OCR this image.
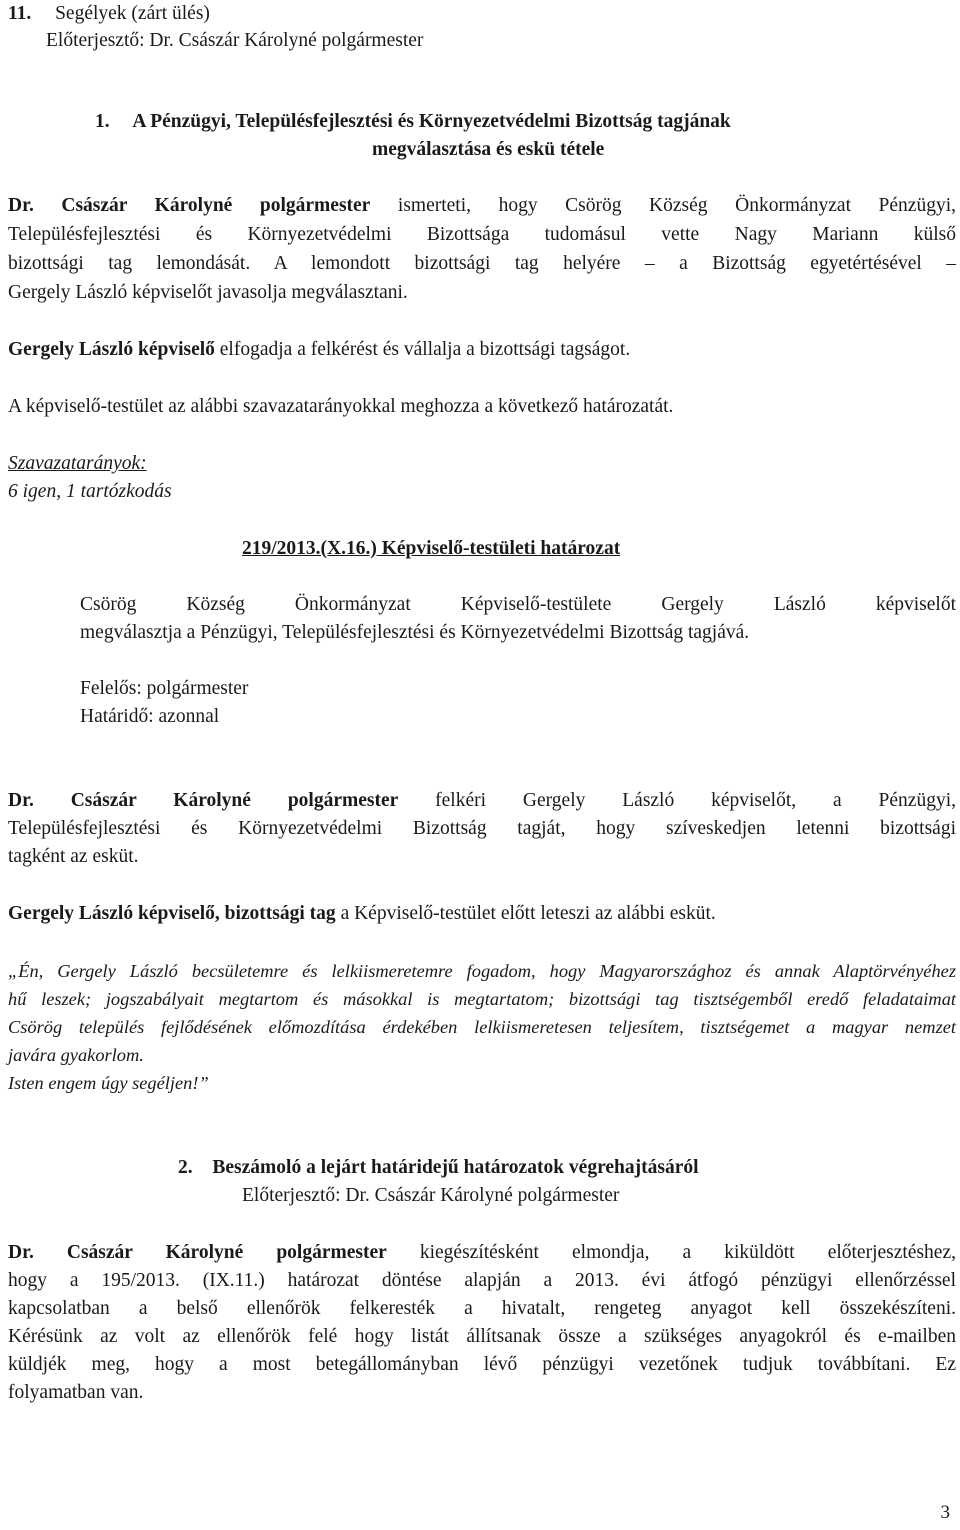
11. Segélyek (zárt ülés)
Előterjesztő: Dr. Császár Károlyné polgármester
1. A Pénzügyi, Településfejlesztési és Környezetvédelmi Bizottság tagjának
megválasztása és eskü tétele
Dr. Császár Károlyné polgármester ismerteti, hogy Csörög Község Önkormányzat Pénzügyi,
Településfejlesztési és Környezetvédelmi Bizottsága tudomásul vette Nagy Mariann külső
bizottsági tag lemondását. A lemondott bizottsági tag helyére – a Bizottság egyetértésével –
Gergely László képviselőt javasolja megválasztani.
Gergely László képviselő elfogadja a felkérést és vállalja a bizottsági tagságot.
A képviselő-testület az alábbi szavazatarányokkal meghozza a következő határozatát.
Szavazatarányok:
6 igen, 1 tartózkodás
219/2013.(X.16.) Képviselő-testületi határozat
Csörög Község Önkormányzat Képviselő-testülete Gergely László képviselőt
megválasztja a Pénzügyi, Településfejlesztési és Környezetvédelmi Bizottság tagjává.
Felelős: polgármester
Határidő: azonnal
Dr. Császár Károlyné polgármester felkéri Gergely László képviselőt, a Pénzügyi,
Településfejlesztési és Környezetvédelmi Bizottság tagját, hogy szíveskedjen letenni bizottsági
tagként az esküt.
Gergely László képviselő, bizottsági tag a Képviselő-testület előtt leteszi az alábbi esküt.
„Én, Gergely László becsületemre és lelkiismeretemre fogadom, hogy Magyarországhoz és annak Alaptörvényéhez
hű leszek; jogszabályait megtartom és másokkal is megtartatom; bizottsági tag tisztségemből eredő feladataimat
Csörög település fejlődésének előmozdítása érdekében lelkiismeretesen teljesítem, tisztségemet a magyar nemzet
javára gyakorlom.
Isten engem úgy segéljen!”
2. Beszámoló a lejárt határidejű határozatok végrehajtásáról
Előterjesztő: Dr. Császár Károlyné polgármester
Dr. Császár Károlyné polgármester kiegészítésként elmondja, a kiküldött előterjesztéshez,
hogy a 195/2013. (IX.11.) határozat döntése alapján a 2013. évi átfogó pénzügyi ellenőrzéssel
kapcsolatban a belső ellenőrök felkeresték a hivatalt, rengeteg anyagot kell összekészíteni.
Kérésünk az volt az ellenőrök felé hogy listát állítsanak össze a szükséges anyagokról és e-mailben
küldjék meg, hogy a most betegállományban lévő pénzügyi vezetőnek tudjuk továbbítani. Ez
folyamatban van.
3
